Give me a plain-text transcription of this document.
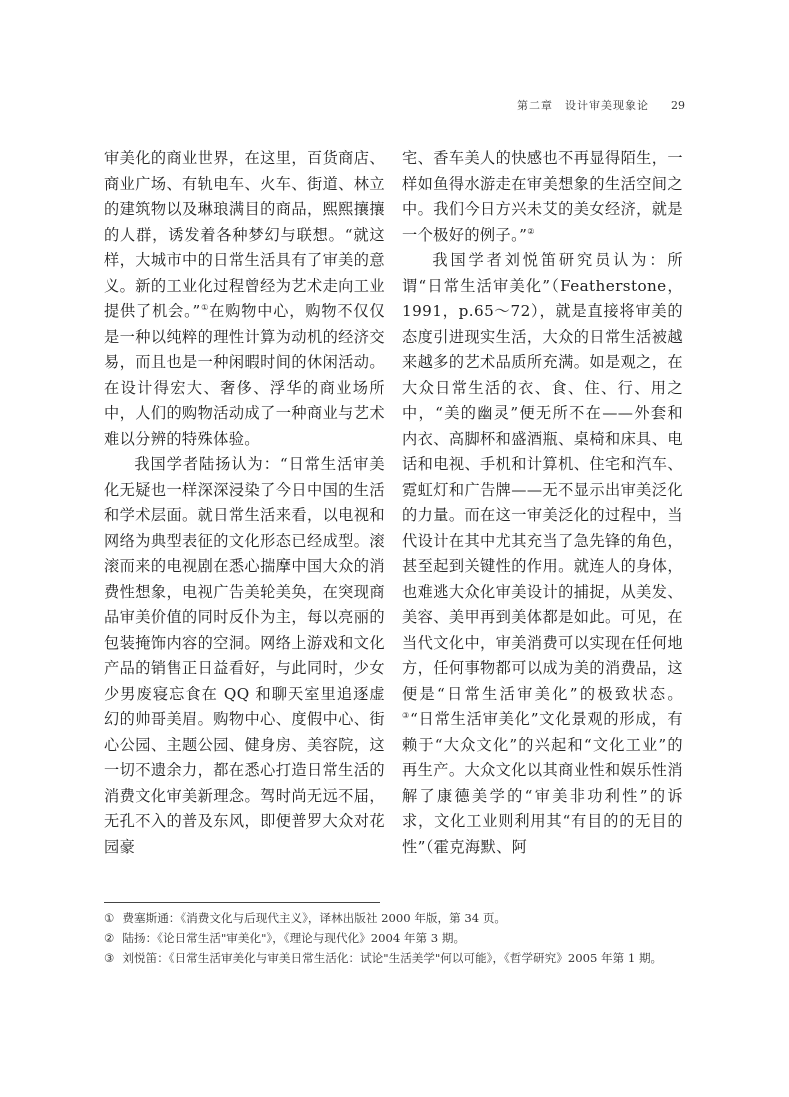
第二章　设计审美现象论 29

审美化的商业世界，在这里，百货商店、商业广场、有轨电车、火车、街道、林立的建筑物以及琳琅满目的商品，熙熙攘攘的人群，诱发着各种梦幻与联想。“就这样，大城市中的日常生活具有了审美的意义。新的工业化过程曾经为艺术走向工业提供了机会。”①在购物中心，购物不仅仅是一种以纯粹的理性计算为动机的经济交易，而且也是一种闲暇时间的休闲活动。在设计得宏大、奢侈、浮华的商业场所中，人们的购物活动成了一种商业与艺术难以分辨的特殊体验。

我国学者陆扬认为：“日常生活审美化无疑也一样深深浸染了今日中国的生活和学术层面。就日常生活来看，以电视和网络为典型表征的文化形态已经成型。滚滚而来的电视剧在悉心揣摩中国大众的消费性想象，电视广告美轮美奂，在突现商品审美价值的同时反仆为主，每以亮丽的包装掩饰内容的空洞。网络上游戏和文化产品的销售正日益看好，与此同时，少女少男废寝忘食在 QQ 和聊天室里追逐虚幻的帅哥美眉。购物中心、度假中心、街心公园、主题公园、健身房、美容院，这一切不遗余力，都在悉心打造日常生活的消费文化审美新理念。驾时尚无远不届，无孔不入的普及东风，即便普罗大众对花园豪

宅、香车美人的快感也不再显得陌生，一样如鱼得水游走在审美想象的生活空间之中。我们今日方兴未艾的美女经济，就是一个极好的例子。”②

我国学者刘悦笛研究员认为：所谓“日常生活审美化”（Featherstone，1991，p.65～72），就是直接将审美的态度引进现实生活，大众的日常生活被越来越多的艺术品质所充满。如是观之，在大众日常生活的衣、食、住、行、用之中，“美的幽灵”便无所不在——外套和内衣、高脚杯和盛酒瓶、桌椅和床具、电话和电视、手机和计算机、住宅和汽车、霓虹灯和广告牌——无不显示出审美泛化的力量。而在这一审美泛化的过程中，当代设计在其中尤其充当了急先锋的角色，甚至起到关键性的作用。就连人的身体，也难逃大众化审美设计的捕捉，从美发、美容、美甲再到美体都是如此。可见，在当代文化中，审美消费可以实现在任何地方，任何事物都可以成为美的消费品，这便是“日常生活审美化”的极致状态。③“日常生活审美化”文化景观的形成，有赖于“大众文化”的兴起和“文化工业”的再生产。大众文化以其商业性和娱乐性消解了康德美学的“审美非功利性”的诉求，文化工业则利用其“有目的的无目的性”（霍克海默、阿

① 费塞斯通：《消费文化与后现代主义》，译林出版社 2000 年版，第 34 页。

② 陆扬：《论日常生活"审美化"》，《理论与现代化》2004 年第 3 期。

③ 刘悦笛：《日常生活审美化与审美日常生活化：试论"生活美学"何以可能》，《哲学研究》2005 年第 1 期。
